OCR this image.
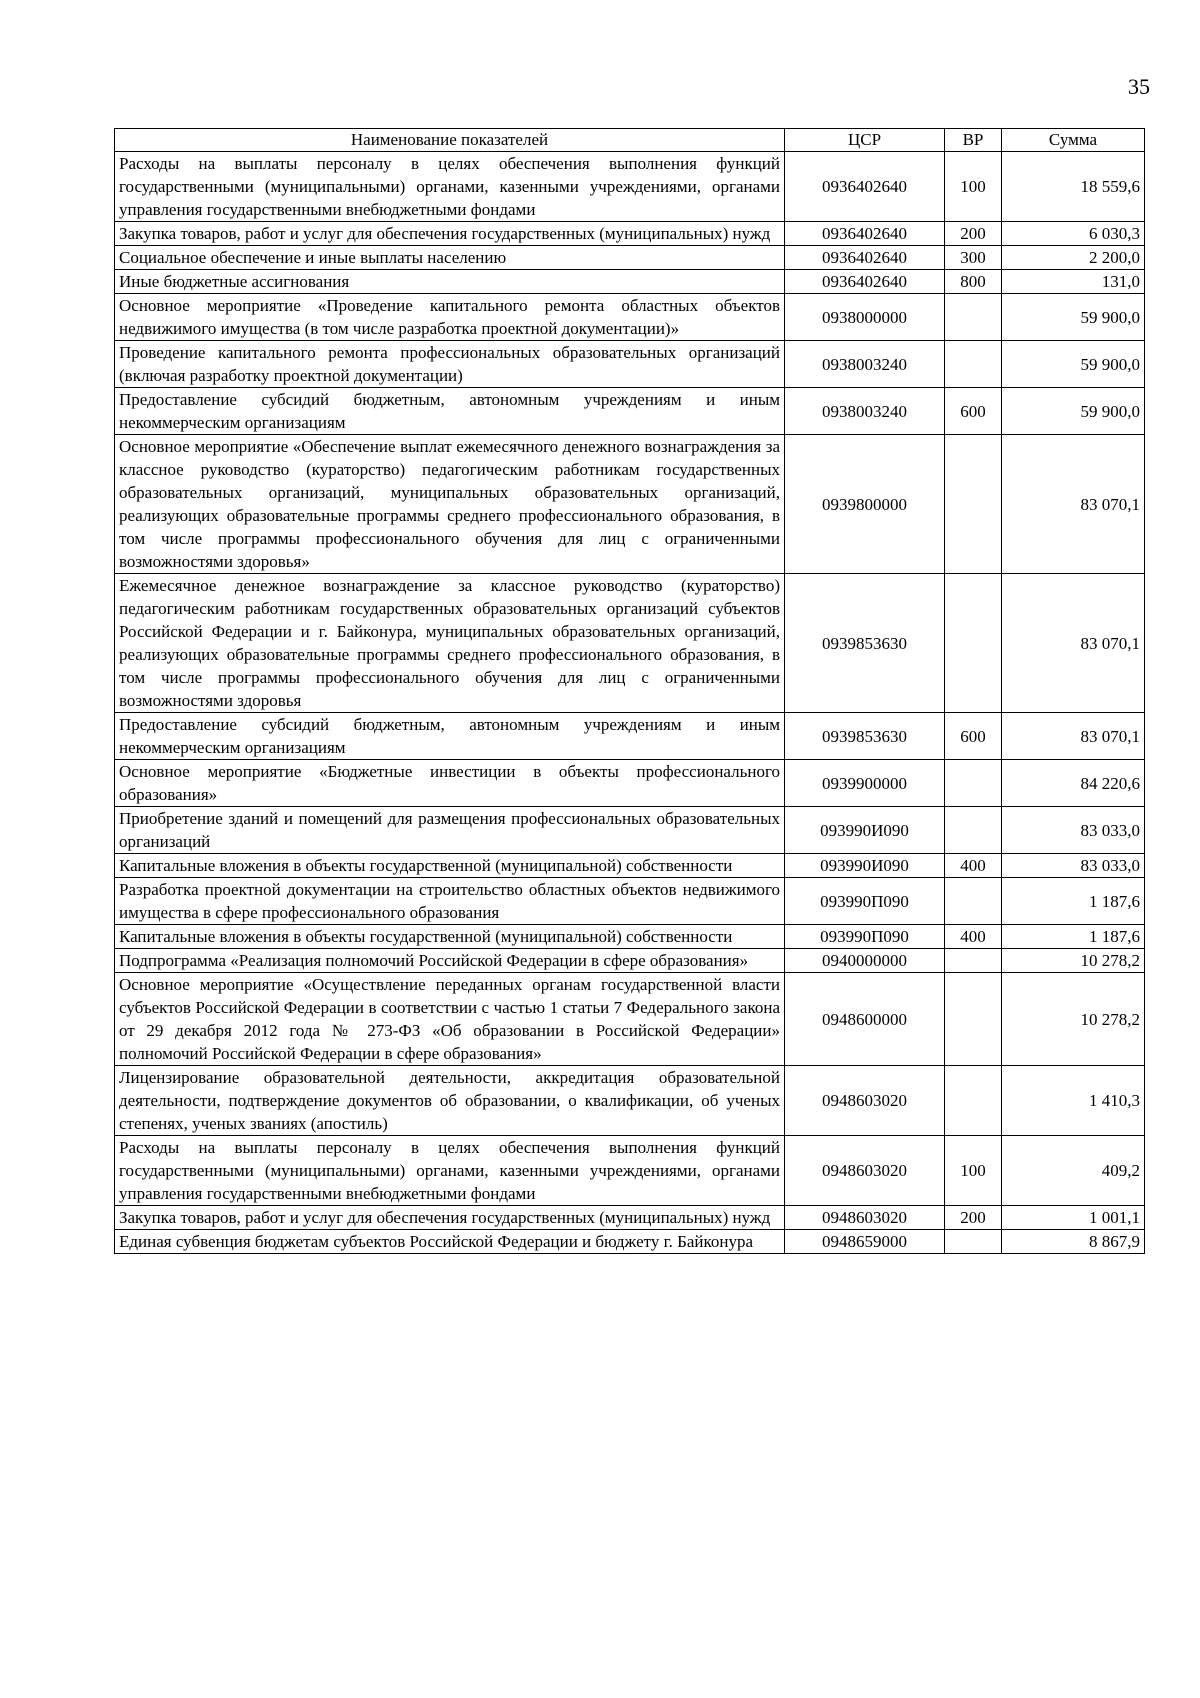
35
Наименование показателей	ЦСР	ВР	Сумма
Расходы на выплаты персоналу в целях обеспечения выполнения функций государственными (муниципальными) органами, казенными учреждениями, органами управления государственными внебюджетными фондами	0936402640	100	18 559,6
Закупка товаров, работ и услуг для обеспечения государственных (муниципальных) нужд	0936402640	200	6 030,3
Социальное обеспечение и иные выплаты населению	0936402640	300	2 200,0
Иные бюджетные ассигнования	0936402640	800	131,0
Основное мероприятие «Проведение капитального ремонта областных объектов недвижимого имущества (в том числе разработка проектной документации)»	0938000000		59 900,0
Проведение капитального ремонта профессиональных образовательных организаций (включая разработку проектной документации)	0938003240		59 900,0
Предоставление субсидий бюджетным, автономным учреждениям и иным некоммерческим организациям	0938003240	600	59 900,0
Основное мероприятие «Обеспечение выплат ежемесячного денежного вознаграждения за классное руководство (кураторство) педагогическим работникам государственных образовательных организаций, муниципальных образовательных организаций, реализующих образовательные программы среднего профессионального образования, в том числе программы профессионального обучения для лиц с ограниченными возможностями здоровья»	0939800000		83 070,1
Ежемесячное денежное вознаграждение за классное руководство (кураторство) педагогическим работникам государственных образовательных организаций субъектов Российской Федерации и г. Байконура, муниципальных образовательных организаций, реализующих образовательные программы среднего профессионального образования, в том числе программы профессионального обучения для лиц с ограниченными возможностями здоровья	0939853630		83 070,1
Предоставление субсидий бюджетным, автономным учреждениям и иным некоммерческим организациям	0939853630	600	83 070,1
Основное мероприятие «Бюджетные инвестиции в объекты профессионального образования»	0939900000		84 220,6
Приобретение зданий и помещений для размещения профессиональных образовательных организаций	093990И090		83 033,0
Капитальные вложения в объекты государственной (муниципальной) собственности	093990И090	400	83 033,0
Разработка проектной документации на строительство областных объектов недвижимого имущества в сфере профессионального образования	093990П090		1 187,6
Капитальные вложения в объекты государственной (муниципальной) собственности	093990П090	400	1 187,6
Подпрограмма «Реализация полномочий Российской Федерации в сфере образования»	0940000000		10 278,2
Основное мероприятие «Осуществление переданных органам государственной власти субъектов Российской Федерации в соответствии с частью 1 статьи 7 Федерального закона от 29 декабря 2012 года № 273-ФЗ «Об образовании в Российской Федерации» полномочий Российской Федерации в сфере образования»	0948600000		10 278,2
Лицензирование образовательной деятельности, аккредитация образовательной деятельности, подтверждение документов об образовании, о квалификации, об ученых степенях, ученых званиях (апостиль)	0948603020		1 410,3
Расходы на выплаты персоналу в целях обеспечения выполнения функций государственными (муниципальными) органами, казенными учреждениями, органами управления государственными внебюджетными фондами	0948603020	100	409,2
Закупка товаров, работ и услуг для обеспечения государственных (муниципальных) нужд	0948603020	200	1 001,1
Единая субвенция бюджетам субъектов Российской Федерации и бюджету г. Байконура	0948659000		8 867,9
